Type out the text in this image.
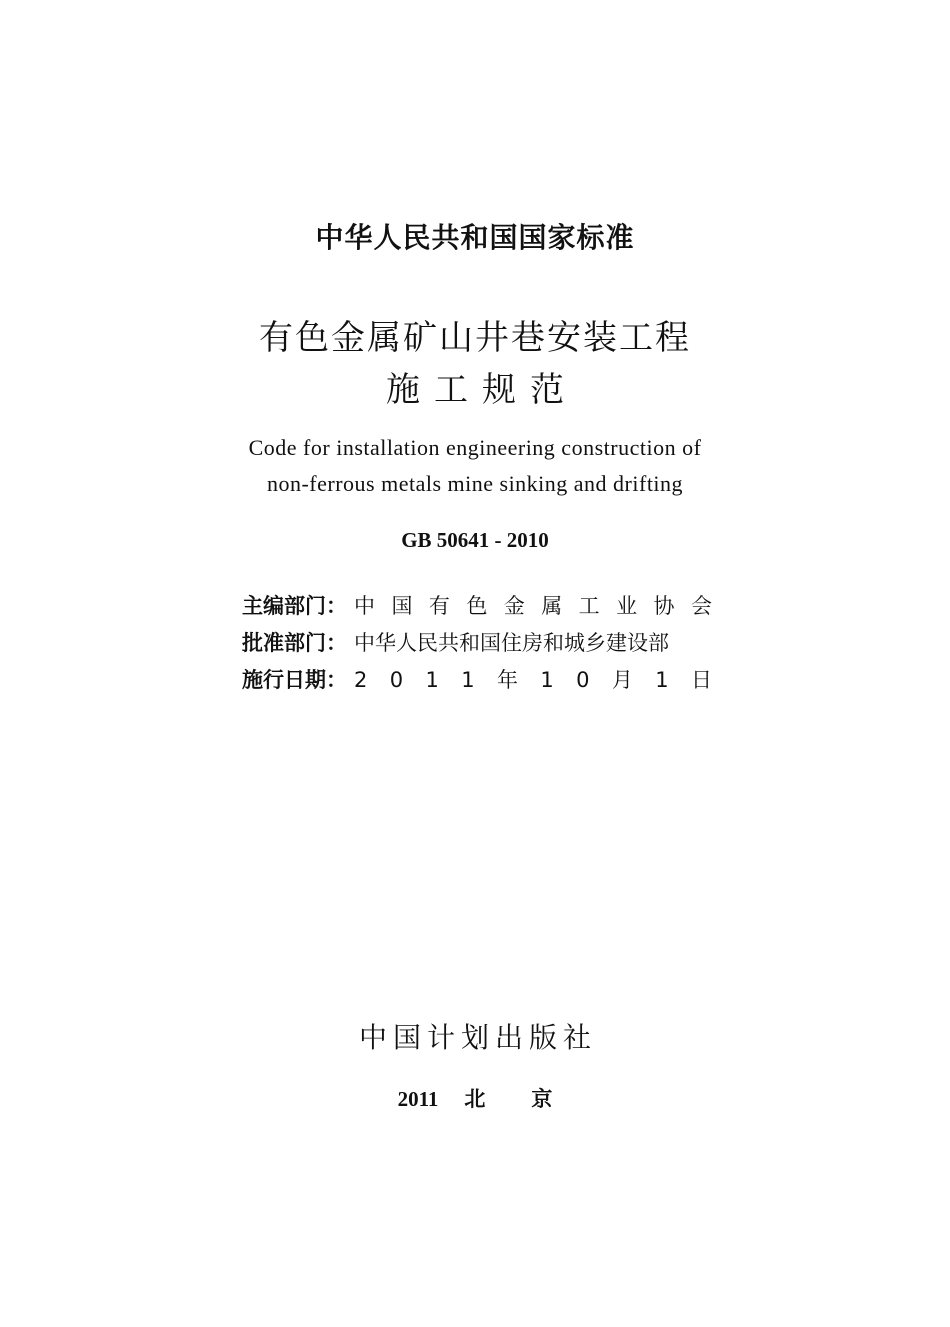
中华人民共和国国家标准
有色金属矿山井巷安装工程
施工规范
Code for installation engineering construction of
non-ferrous metals mine sinking and drifting
GB 50641 - 2010
主编部门： 中 国 有 色 金 属 工 业 协 会
批准部门： 中华人民共和国住房和城乡建设部
施行日期： 2 0 1 1 年 1 0 月 1 日
中国计划出版社
2011 北 京
